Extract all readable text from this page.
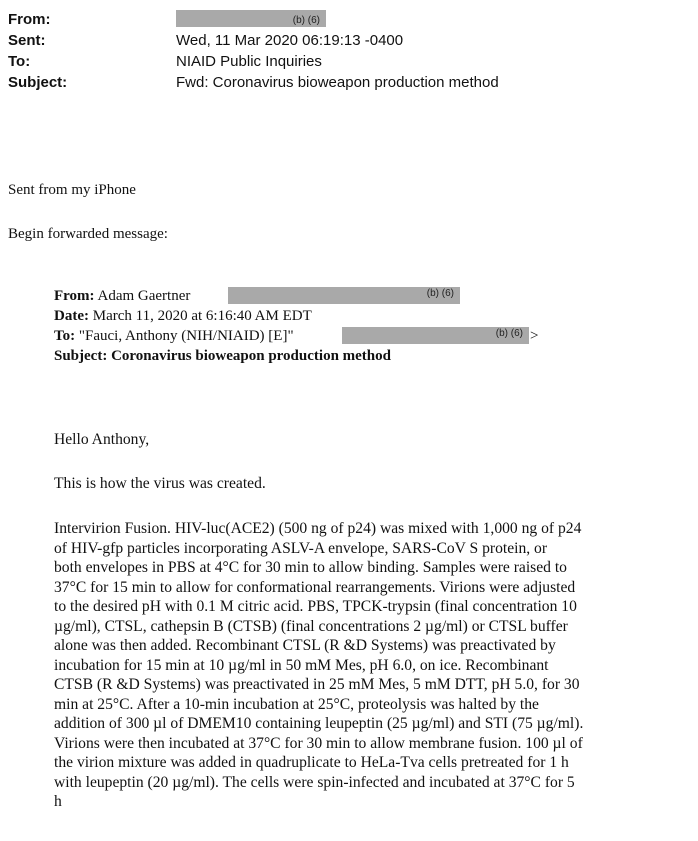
From:	(b) (6)
Sent:	Wed, 11 Mar 2020 06:19:13 -0400
To:	NIAID Public Inquiries
Subject:	Fwd: Coronavirus bioweapon production method
Sent from my iPhone
Begin forwarded message:
From: Adam Gaertner	(b) (6)
Date: March 11, 2020 at 6:16:40 AM EDT
To: "Fauci, Anthony (NIH/NIAID) [E]"	(b) (6) >
Subject: Coronavirus bioweapon production method
Hello Anthony,
This is how the virus was created.
Intervirion Fusion. HIV-luc(ACE2) (500 ng of p24) was mixed with 1,000 ng of p24
of HIV-gfp particles incorporating ASLV-A envelope, SARS-CoV S protein, or
both envelopes in PBS at 4°C for 30 min to allow binding. Samples were raised to
37°C for 15 min to allow for conformational rearrangements. Virions were adjusted
to the desired pH with 0.1 M citric acid. PBS, TPCK-trypsin (final concentration 10
µg/ml), CTSL, cathepsin B (CTSB) (final concentrations 2 µg/ml) or CTSL buffer
alone was then added. Recombinant CTSL (R &D Systems) was preactivated by
incubation for 15 min at 10 µg/ml in 50 mM Mes, pH 6.0, on ice. Recombinant
CTSB (R &D Systems) was preactivated in 25 mM Mes, 5 mM DTT, pH 5.0, for 30
min at 25°C. After a 10-min incubation at 25°C, proteolysis was halted by the
addition of 300 µl of DMEM10 containing leupeptin (25 µg/ml) and STI (75 µg/ml).
Virions were then incubated at 37°C for 30 min to allow membrane fusion. 100 µl of
the virion mixture was added in quadruplicate to HeLa-Tva cells pretreated for 1 h
with leupeptin (20 µg/ml). The cells were spin-infected and incubated at 37°C for 5
h
